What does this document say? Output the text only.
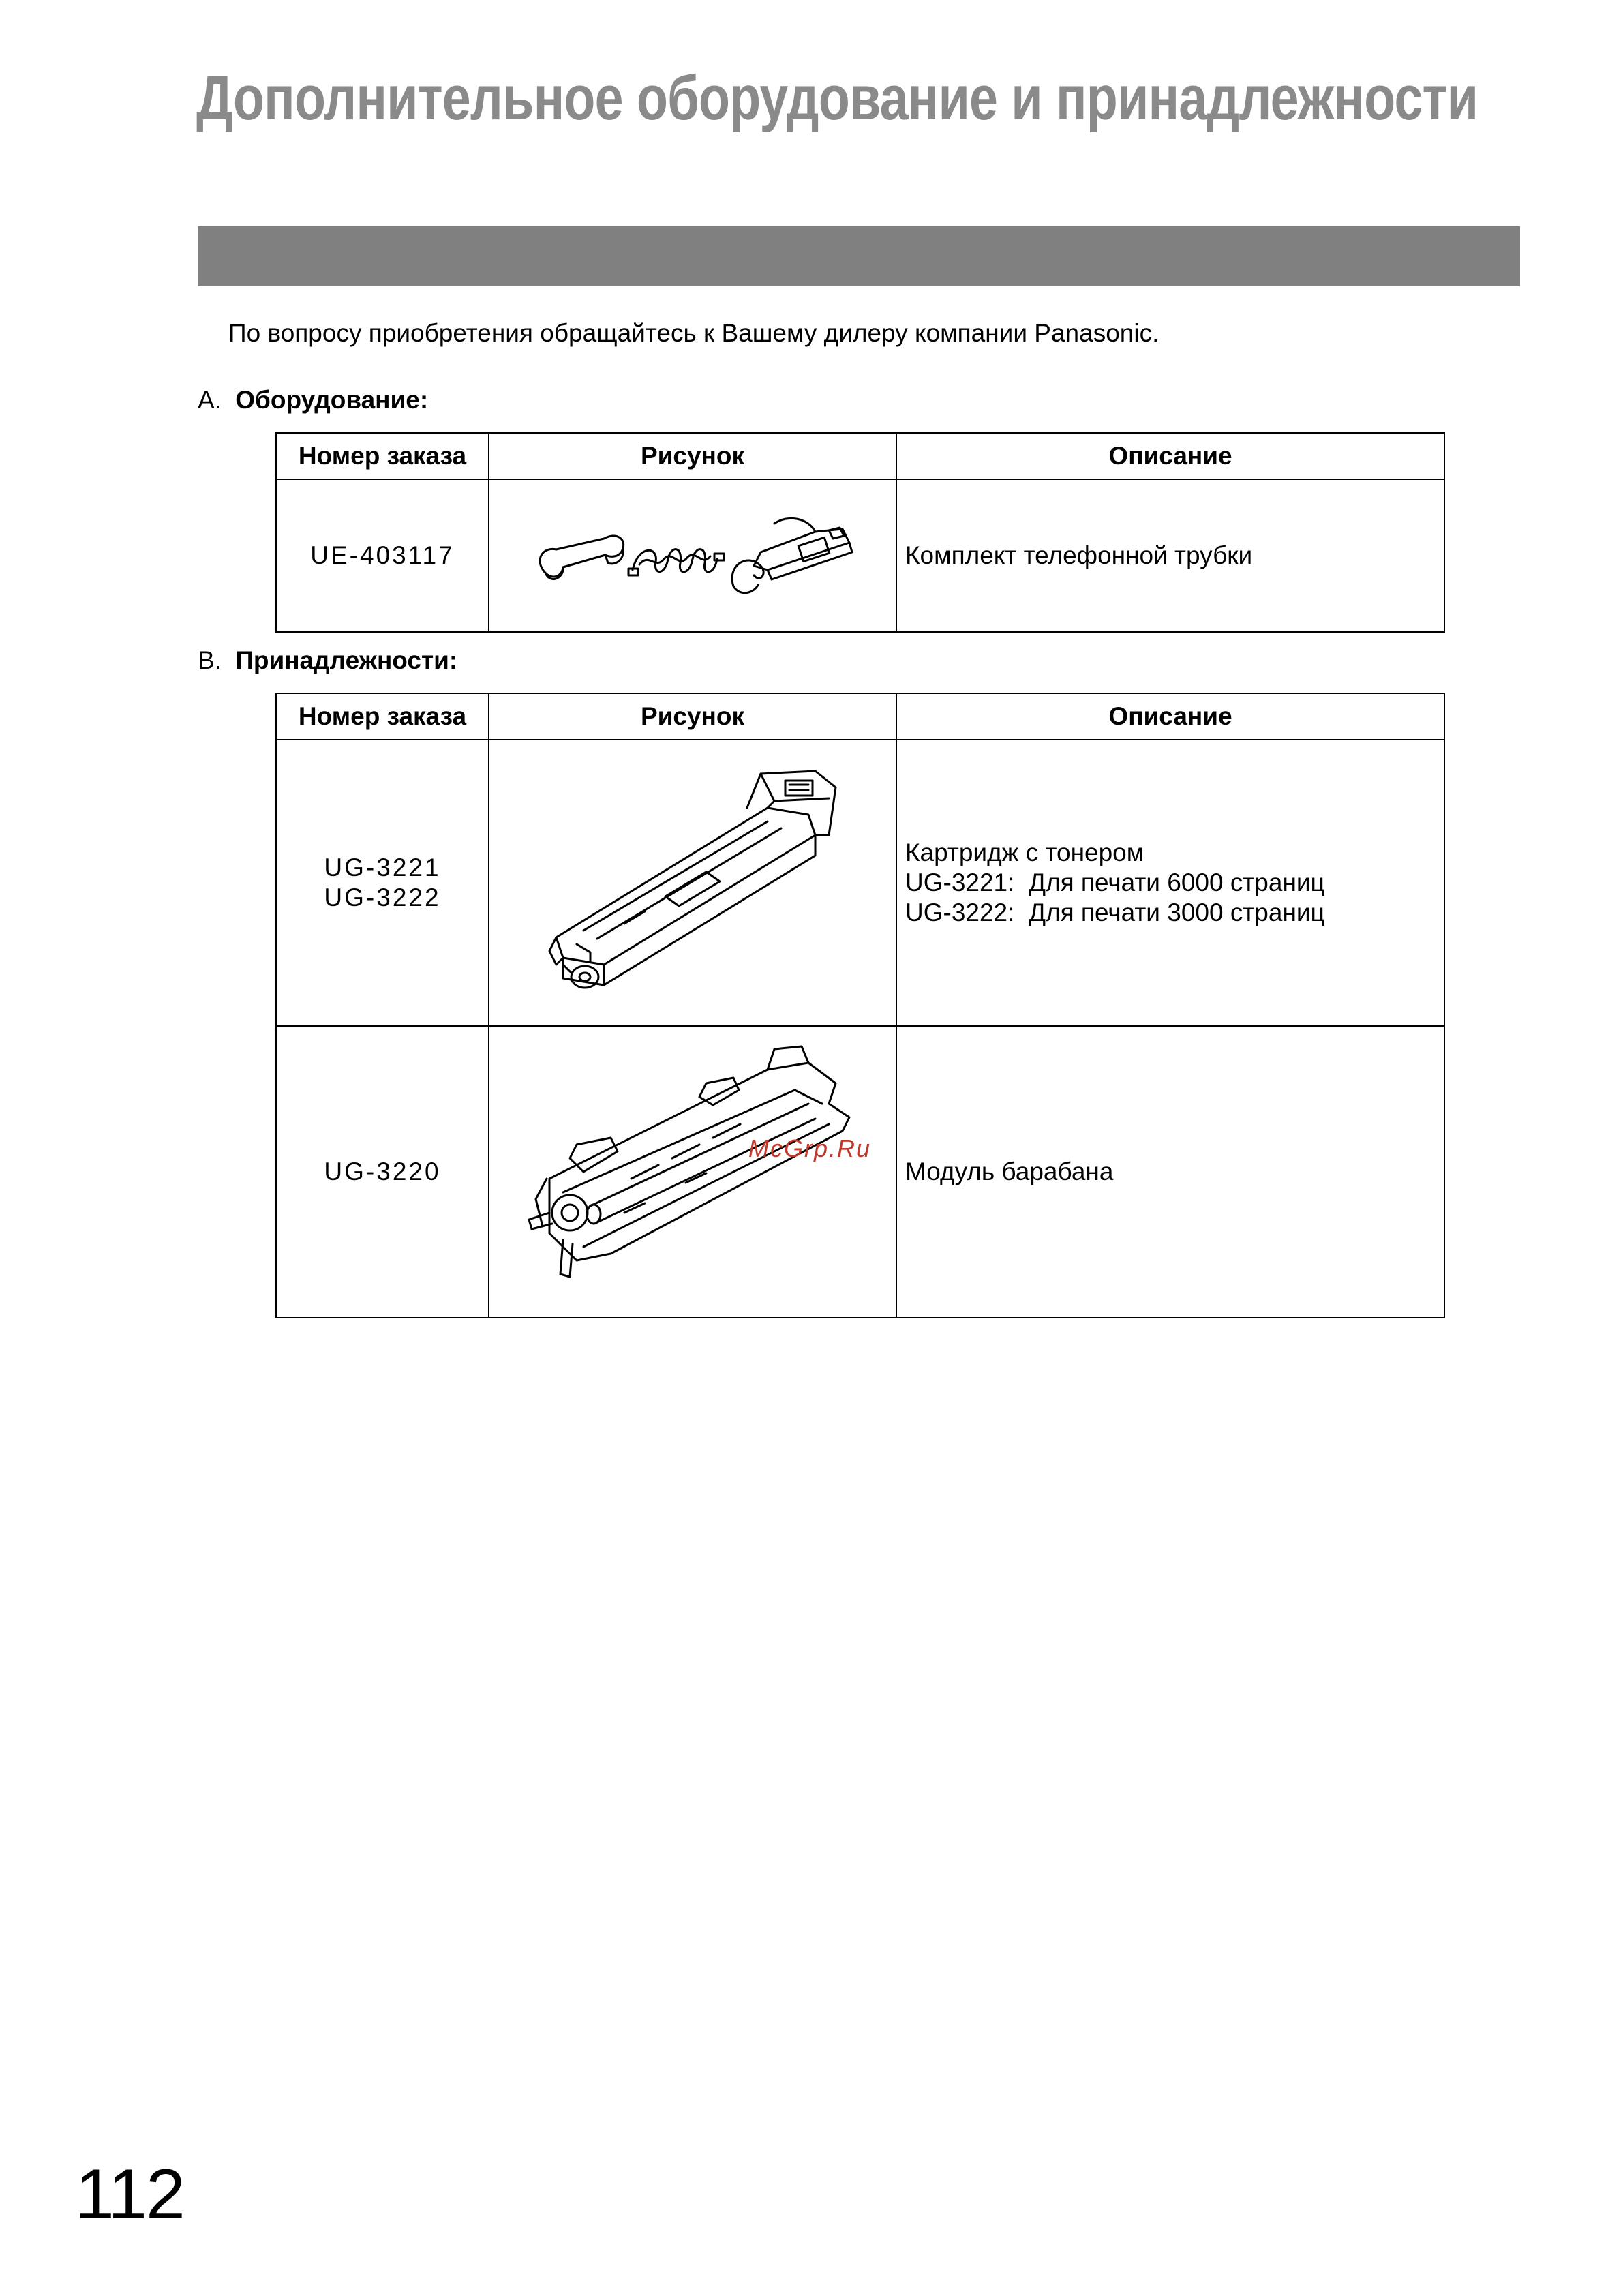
Дополнительное оборудование и принадлежности
По вопросу приобретения обращайтесь к Вашему дилеру компании Panasonic.
A. Оборудование:
Номер заказа	Рисунок	Описание
UE-403117		Комплект телефонной трубки
B. Принадлежности:
Номер заказа	Рисунок	Описание

UG-3221
UG-3222		Картридж с тонером
UG-3221:  Для печати 6000 страниц
UG-3222:  Для печати 3000 страниц

UG-3220		Модуль барабана
McGrp.Ru
112
